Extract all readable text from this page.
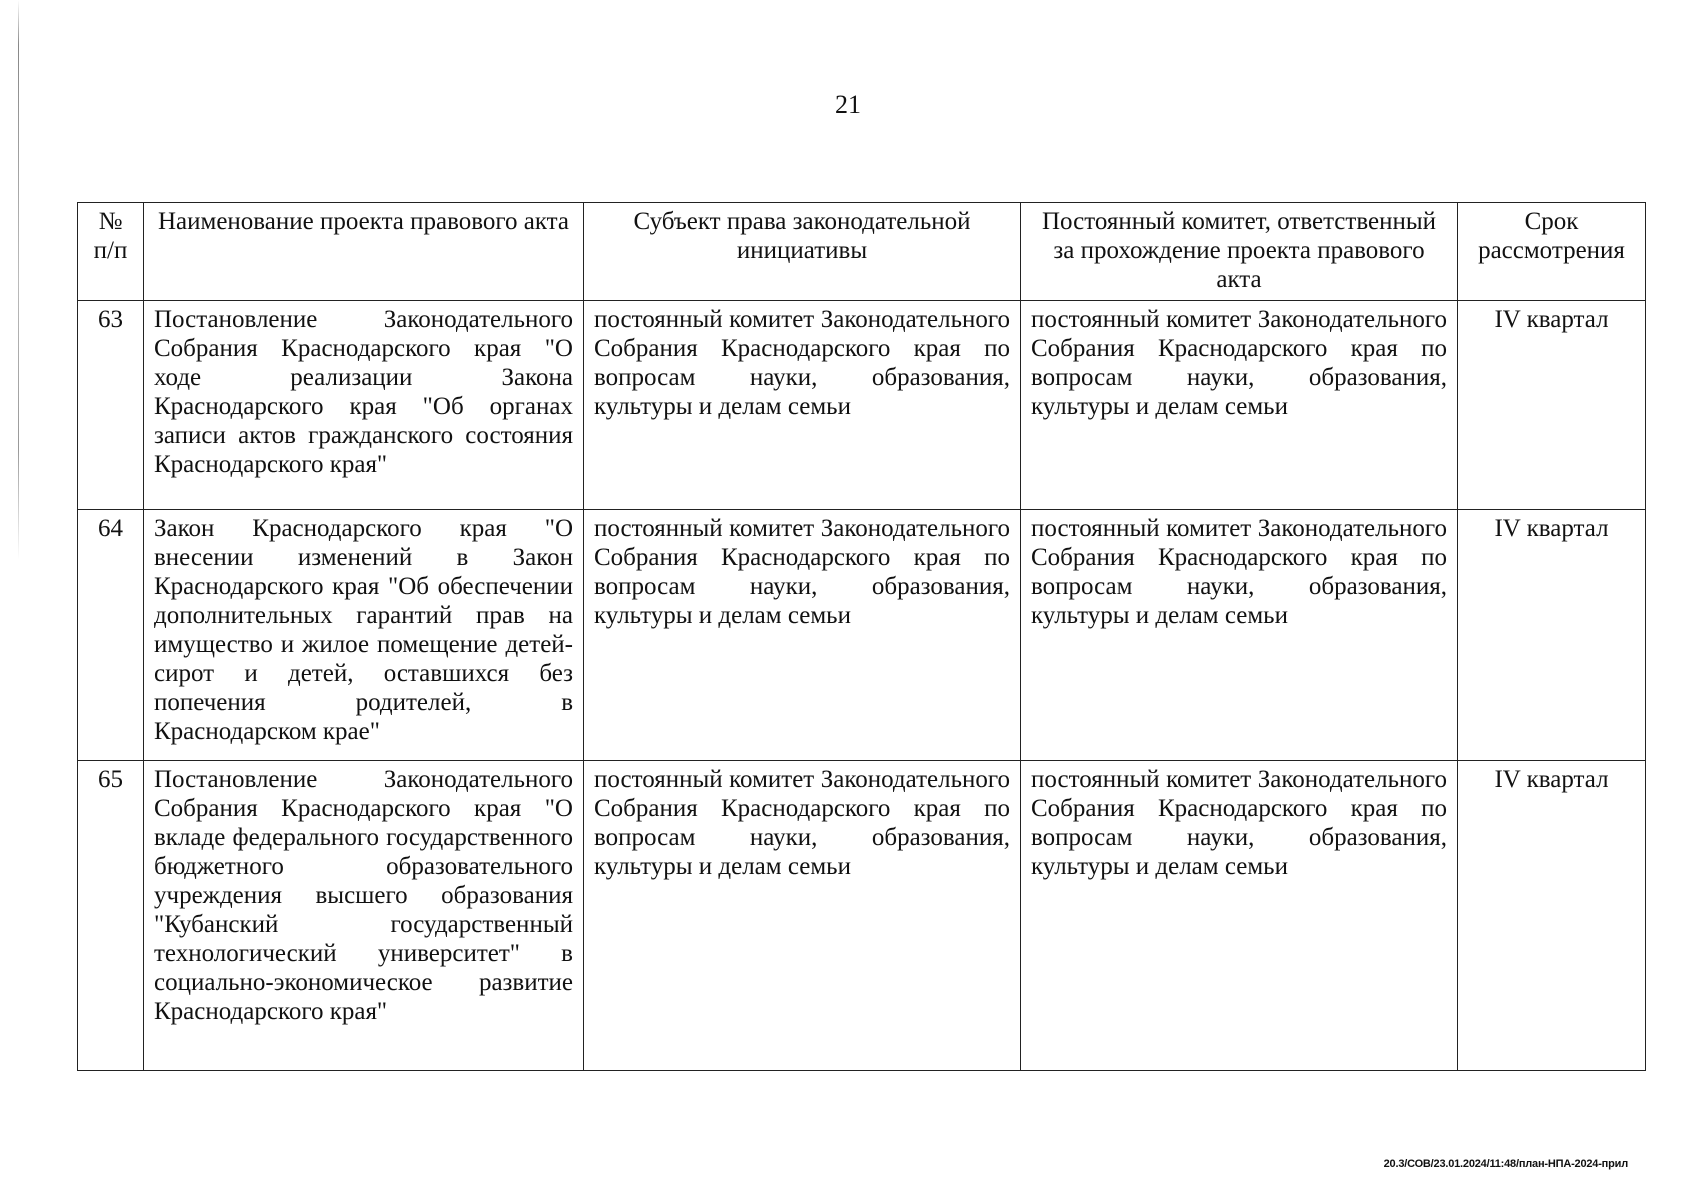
21
№ п/п	Наименование проекта правового акта	Субъект права законодательной инициативы	Постоянный комитет, ответственный за прохождение проекта правового акта	Срок рассмотрения
63	Постановление Законодательного Собрания Краснодарского края "О ходе реализации Закона Краснодарского края "Об органах записи актов гражданского состояния Краснодарского края"	постоянный комитет Законодательного Собрания Краснодарского края по вопросам науки, образования, культуры и делам семьи	постоянный комитет Законодательного Собрания Краснодарского края по вопросам науки, образования, культуры и делам семьи	IV квартал
64	Закон Краснодарского края "О внесении изменений в Закон Краснодарского края "Об обеспечении дополнительных гарантий прав на имущество и жилое помещение детей-сирот и детей, оставшихся без попечения родителей, в Краснодарском крае"	постоянный комитет Законодательного Собрания Краснодарского края по вопросам науки, образования, культуры и делам семьи	постоянный комитет Законодательного Собрания Краснодарского края по вопросам науки, образования, культуры и делам семьи	IV квартал
65	Постановление Законодательного Собрания Краснодарского края "О вкладе федерального государственного бюджетного образовательного учреждения высшего образования "Кубанский государственный технологический университет" в социально-экономическое развитие Краснодарского края"	постоянный комитет Законодательного Собрания Краснодарского края по вопросам науки, образования, культуры и делам семьи	постоянный комитет Законодательного Собрания Краснодарского края по вопросам науки, образования, культуры и делам семьи	IV квартал
20.3/СОВ/23.01.2024/11:48/план-НПА-2024-прил
